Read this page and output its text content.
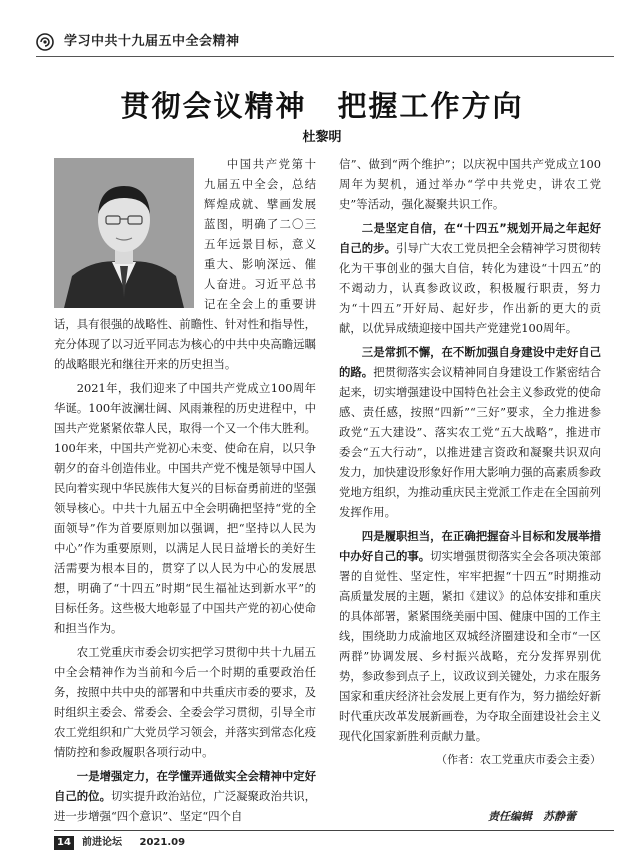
学习中共十九届五中全会精神
贯彻会议精神　把握工作方向
杜黎明

中国共产党第十九届五中全会，总结辉煌成就、擘画发展蓝图，明确了二〇三五年远景目标，意义重大、影响深远、催人奋进。习近平总书记在全会上的重要讲话，具有很强的战略性、前瞻性、针对性和指导性，充分体现了以习近平同志为核心的中共中央高瞻远瞩的战略眼光和继往开来的历史担当。

2021年，我们迎来了中国共产党成立100周年华诞。100年波澜壮阔、风雨兼程的历史进程中，中国共产党紧紧依靠人民，取得一个又一个伟大胜利。100年来，中国共产党初心未变、使命在肩，以只争朝夕的奋斗创造伟业。中国共产党不愧是领导中国人民向着实现中华民族伟大复兴的目标奋勇前进的坚强领导核心。中共十九届五中全会明确把坚持“党的全面领导”作为首要原则加以强调，把“坚持以人民为中心”作为重要原则，以满足人民日益增长的美好生活需要为根本目的，贯穿了以人民为中心的发展思想，明确了“十四五”时期“民生福祉达到新水平”的目标任务。这些极大地彰显了中国共产党的初心使命和担当作为。

农工党重庆市委会切实把学习贯彻中共十九届五中全会精神作为当前和今后一个时期的重要政治任务，按照中共中央的部署和中共重庆市委的要求，及时组织主委会、常委会、全委会学习贯彻，引导全市农工党组织和广大党员学习领会，并落实到常态化疫情防控和参政履职各项行动中。

一是增强定力，在学懂弄通做实全会精神中定好自己的位。切实提升政治站位，广泛凝聚政治共识，进一步增强“四个意识”、坚定“四个自

信”、做到“两个维护”；以庆祝中国共产党成立100周年为契机，通过举办“学中共党史，讲农工党史”等活动，强化凝聚共识工作。

二是坚定自信，在“十四五”规划开局之年起好自己的步。引导广大农工党员把全会精神学习贯彻转化为干事创业的强大自信，转化为建设“十四五”的不竭动力，认真参政议政，积极履行职责，努力为“十四五”开好局、起好步，作出新的更大的贡献，以优异成绩迎接中国共产党建党100周年。

三是常抓不懈，在不断加强自身建设中走好自己的路。把贯彻落实会议精神同自身建设工作紧密结合起来，切实增强建设中国特色社会主义参政党的使命感、责任感，按照“四新”“三好”要求，全力推进参政党“五大建设”、落实农工党“五大战略”，推进市委会“五大行动”，以推进建言资政和凝聚共识双向发力，加快建设形象好作用大影响力强的高素质参政党地方组织，为推动重庆民主党派工作走在全国前列发挥作用。

四是履职担当，在正确把握奋斗目标和发展举措中办好自己的事。切实增强贯彻落实全会各项决策部署的自觉性、坚定性，牢牢把握“十四五”时期推动高质量发展的主题，紧扣《建议》的总体安排和重庆的具体部署，紧紧围绕美丽中国、健康中国的工作主线，围绕助力成渝地区双城经济圈建设和全市“一区两群”协调发展、乡村振兴战略，充分发挥界别优势，参政参到点子上，议政议到关键处，力求在服务国家和重庆经济社会发展上更有作为，努力描绘好新时代重庆改革发展新画卷，为夺取全面建设社会主义现代化国家新胜利贡献力量。

（作者：农工党重庆市委会主委）
责任编辑　苏静蕾
14	前进论坛 2021.09
